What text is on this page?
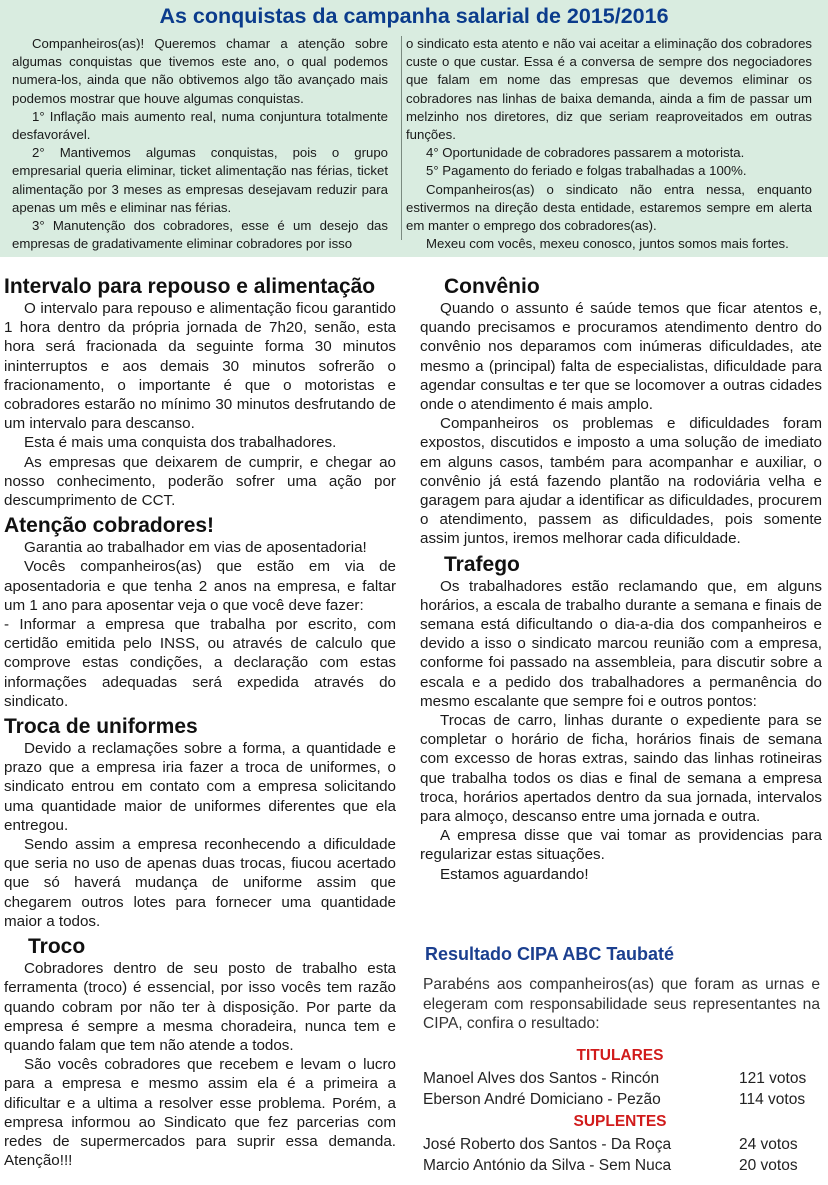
As conquistas da campanha salarial de 2015/2016

Companheiros(as)! Queremos chamar a atenção sobre algumas conquistas que tivemos este ano, o qual podemos numera-los, ainda que não obtivemos algo tão avançado mais podemos mostrar que houve algumas conquistas.

1° Inflação mais aumento real, numa conjuntura totalmente desfavorável.

2° Mantivemos algumas conquistas, pois o grupo empresarial queria eliminar, ticket alimentação nas férias, ticket alimentação por 3 meses as empresas desejavam reduzir para apenas um mês e eliminar nas férias.

3° Manutenção dos cobradores, esse é um desejo das empresas de gradativamente eliminar cobradores por isso

o sindicato esta atento e não vai aceitar a eliminação dos cobradores custe o que custar. Essa é a conversa de sempre dos negociadores que falam em nome das empresas que devemos eliminar os cobradores nas linhas de baixa demanda, ainda a fim de passar um melzinho nos diretores, diz que seriam reaproveitados em outras funções.

4° Oportunidade de cobradores passarem a motorista.

5° Pagamento do feriado e folgas trabalhadas a 100%.

Companheiros(as) o sindicato não entra nessa, enquanto estivermos na direção desta entidade, estaremos sempre em alerta em manter o emprego dos cobradores(as).

Mexeu com vocês, mexeu conosco, juntos somos mais fortes.

Intervalo para repouso e alimentação

O intervalo para repouso e alimentação ficou garantido 1 hora dentro da própria jornada de 7h20, senão, esta hora será fracionada da seguinte forma 30 minutos ininterruptos e aos demais 30 minutos sofrerão o fracionamento, o importante é que o motoristas e cobradores estarão no mínimo 30 minutos desfrutando de um intervalo para descanso.

Esta é mais uma conquista dos trabalhadores.

As empresas que deixarem de cumprir, e chegar ao nosso conhecimento, poderão sofrer uma ação por descumprimento de CCT.

Atenção cobradores!

Garantia ao trabalhador em vias de aposentadoria!

Vocês companheiros(as) que estão em via de aposentadoria e que tenha 2 anos na empresa, e faltar um 1 ano para aposentar veja o que você deve fazer:

- Informar a empresa que trabalha por escrito, com certidão emitida pelo INSS, ou através de calculo que comprove estas condições, a declaração com estas informações adequadas será expedida através do sindicato.

Troca de uniformes

Devido a reclamações sobre a forma, a quantidade e prazo que a empresa iria fazer a troca de uniformes, o sindicato entrou em contato com a empresa solicitando uma quantidade maior de uniformes diferentes que ela entregou.

Sendo assim a empresa reconhecendo a dificuldade que seria no uso de apenas duas trocas, fiucou acertado que só haverá mudança de uniforme assim que chegarem outros lotes para fornecer uma quantidade maior a todos.

Troco

Cobradores dentro de seu posto de trabalho esta ferramenta (troco) é essencial, por isso vocês tem razão quando cobram por não ter à disposição. Por parte da empresa é sempre a mesma choradeira, nunca tem e quando falam que tem não atende a todos.

São vocês cobradores que recebem e levam o lucro para a empresa e mesmo assim ela é a primeira a dificultar e a ultima a resolver esse problema. Porém, a empresa informou ao Sindicato que fez parcerias com redes de supermercados para suprir essa demanda. Atenção!!!

Convênio

Quando o assunto é saúde temos que ficar atentos e, quando precisamos e procuramos atendimento dentro do convênio nos deparamos com inúmeras dificuldades, ate mesmo a (principal) falta de especialistas, dificuldade para agendar consultas e ter que se locomover a outras cidades onde o atendimento é mais amplo.

Companheiros os problemas e dificuldades foram expostos, discutidos e imposto a uma solução de imediato em alguns casos, também para acompanhar e auxiliar, o convênio já está fazendo plantão na rodoviária velha e garagem para ajudar a identificar as dificuldades, procurem o atendimento, passem as dificuldades, pois somente assim juntos, iremos melhorar cada dificuldade.

Trafego

Os trabalhadores estão reclamando que, em alguns horários, a escala de trabalho durante a semana e finais de semana está dificultando o dia-a-dia dos companheiros e devido a isso o sindicato marcou reunião com a empresa, conforme foi passado na assembleia, para discutir sobre a escala e a pedido dos trabalhadores a permanência do mesmo escalante que sempre foi e outros pontos:

Trocas de carro, linhas durante o expediente para se completar o horário de ficha, horários finais de semana com excesso de horas extras, saindo das linhas rotineiras que trabalha todos os dias e final de semana a empresa troca, horários apertados dentro da sua jornada, intervalos para almoço, descanso entre uma jornada e outra.

A empresa disse que vai tomar as providencias para regularizar estas situações.

Estamos aguardando!

Resultado CIPA ABC Taubaté
Parabéns aos companheiros(as) que foram as urnas e elegeram com responsabilidade seus representantes na CIPA, confira o resultado:
TITULARES
Manoel Alves dos Santos - Rincón	121 votos
Eberson André Domiciano - Pezão	114 votos
SUPLENTES
José Roberto dos Santos - Da Roça	24 votos
Marcio António da Silva - Sem Nuca	20 votos
